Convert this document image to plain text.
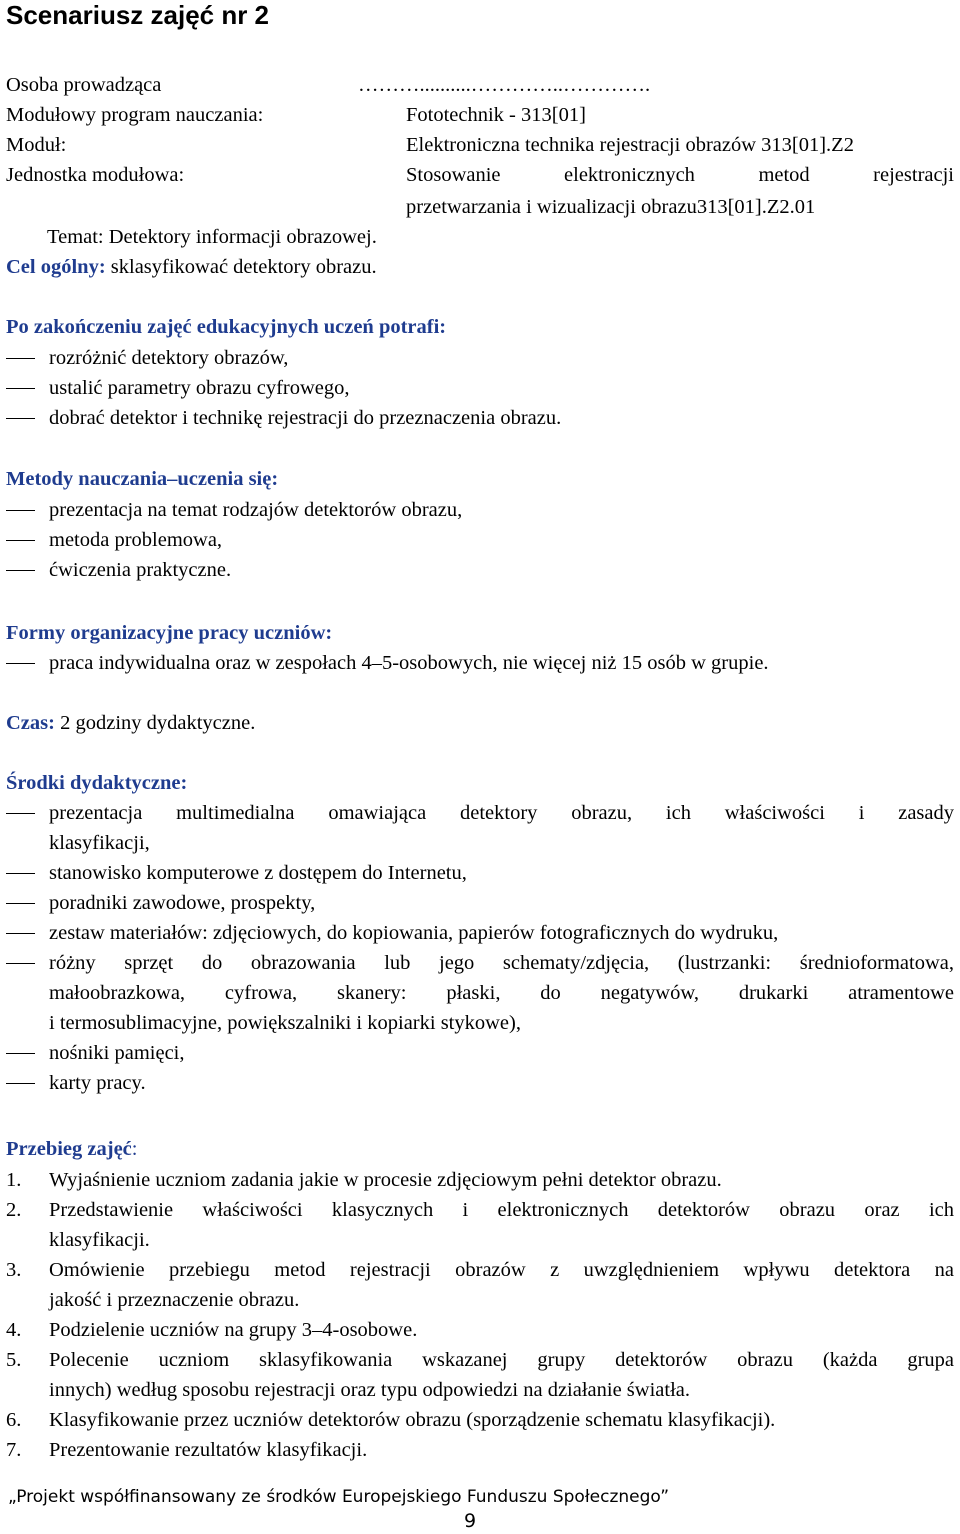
Scenariusz zajęć nr 2
Osoba prowadząca	………..........…………..………….
Modułowy program nauczania:	Fototechnik - 313[01]
Moduł:	Elektroniczna technika rejestracji obrazów 313[01].Z2
Jednostka modułowa:	Stosowanie elektronicznych metod rejestracji
przetwarzania i wizualizacji obrazu313[01].Z2.01
Temat: Detektory informacji obrazowej.
Cel ogólny: sklasyfikować detektory obrazu.
Po zakończeniu zajęć edukacyjnych uczeń potrafi:
rozróżnić detektory obrazów,
ustalić parametry obrazu cyfrowego,
dobrać detektor i technikę rejestracji do przeznaczenia obrazu.
Metody nauczania–uczenia się:
prezentacja na temat rodzajów detektorów obrazu,
metoda problemowa,
ćwiczenia praktyczne.
Formy organizacyjne pracy uczniów:
praca indywidualna oraz w zespołach 4–5-osobowych, nie więcej niż 15 osób w grupie.
Czas: 2 godziny dydaktyczne.
Środki dydaktyczne:
prezentacja multimedialna omawiająca detektory obrazu, ich właściwości i zasady
klasyfikacji,
stanowisko komputerowe z dostępem do Internetu,
poradniki zawodowe, prospekty,
zestaw materiałów: zdjęciowych, do kopiowania, papierów fotograficznych do wydruku,
różny sprzęt do obrazowania lub jego schematy/zdjęcia, (lustrzanki: średnioformatowa,
małoobrazkowa, cyfrowa, skanery: płaski, do negatywów, drukarki atramentowe
i termosublimacyjne, powiększalniki i kopiarki stykowe),
nośniki pamięci,
karty pracy.
Przebieg zajęć:
1. Wyjaśnienie uczniom zadania jakie w procesie zdjęciowym pełni detektor obrazu.
2. Przedstawienie właściwości klasycznych i elektronicznych detektorów obrazu oraz ich
klasyfikacji.
3. Omówienie przebiegu metod rejestracji obrazów z uwzględnieniem wpływu detektora na
jakość i przeznaczenie obrazu.
4. Podzielenie uczniów na grupy 3–4-osobowe.
5. Polecenie uczniom sklasyfikowania wskazanej grupy detektorów obrazu (każda grupa
innych) według sposobu rejestracji oraz typu odpowiedzi na działanie światła.
6. Klasyfikowanie przez uczniów detektorów obrazu (sporządzenie schematu klasyfikacji).
7. Prezentowanie rezultatów klasyfikacji.
„Projekt współfinansowany ze środków Europejskiego Funduszu Społecznego”
9
